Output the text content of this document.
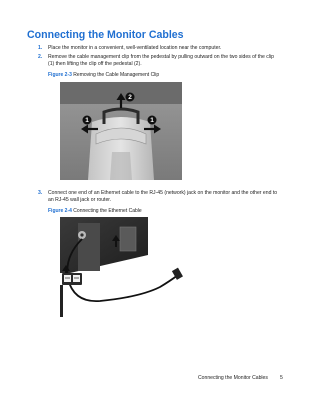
Connecting the Monitor Cables
1. Place the monitor in a convenient, well-ventilated location near the computer.
2. Remove the cable management clip from the pedestal by pulling outward on the two sides of the clip (1) then lifting the clip off the pedestal (2).
Figure 2-3 Removing the Cable Management Clip
1
2
1
3. Connect one end of an Ethernet cable to the RJ-45 (network) jack on the monitor and the other end to an RJ-45 wall jack or router.
Figure 2-4 Connecting the Ethernet Cable
Connecting the Monitor Cables 5
